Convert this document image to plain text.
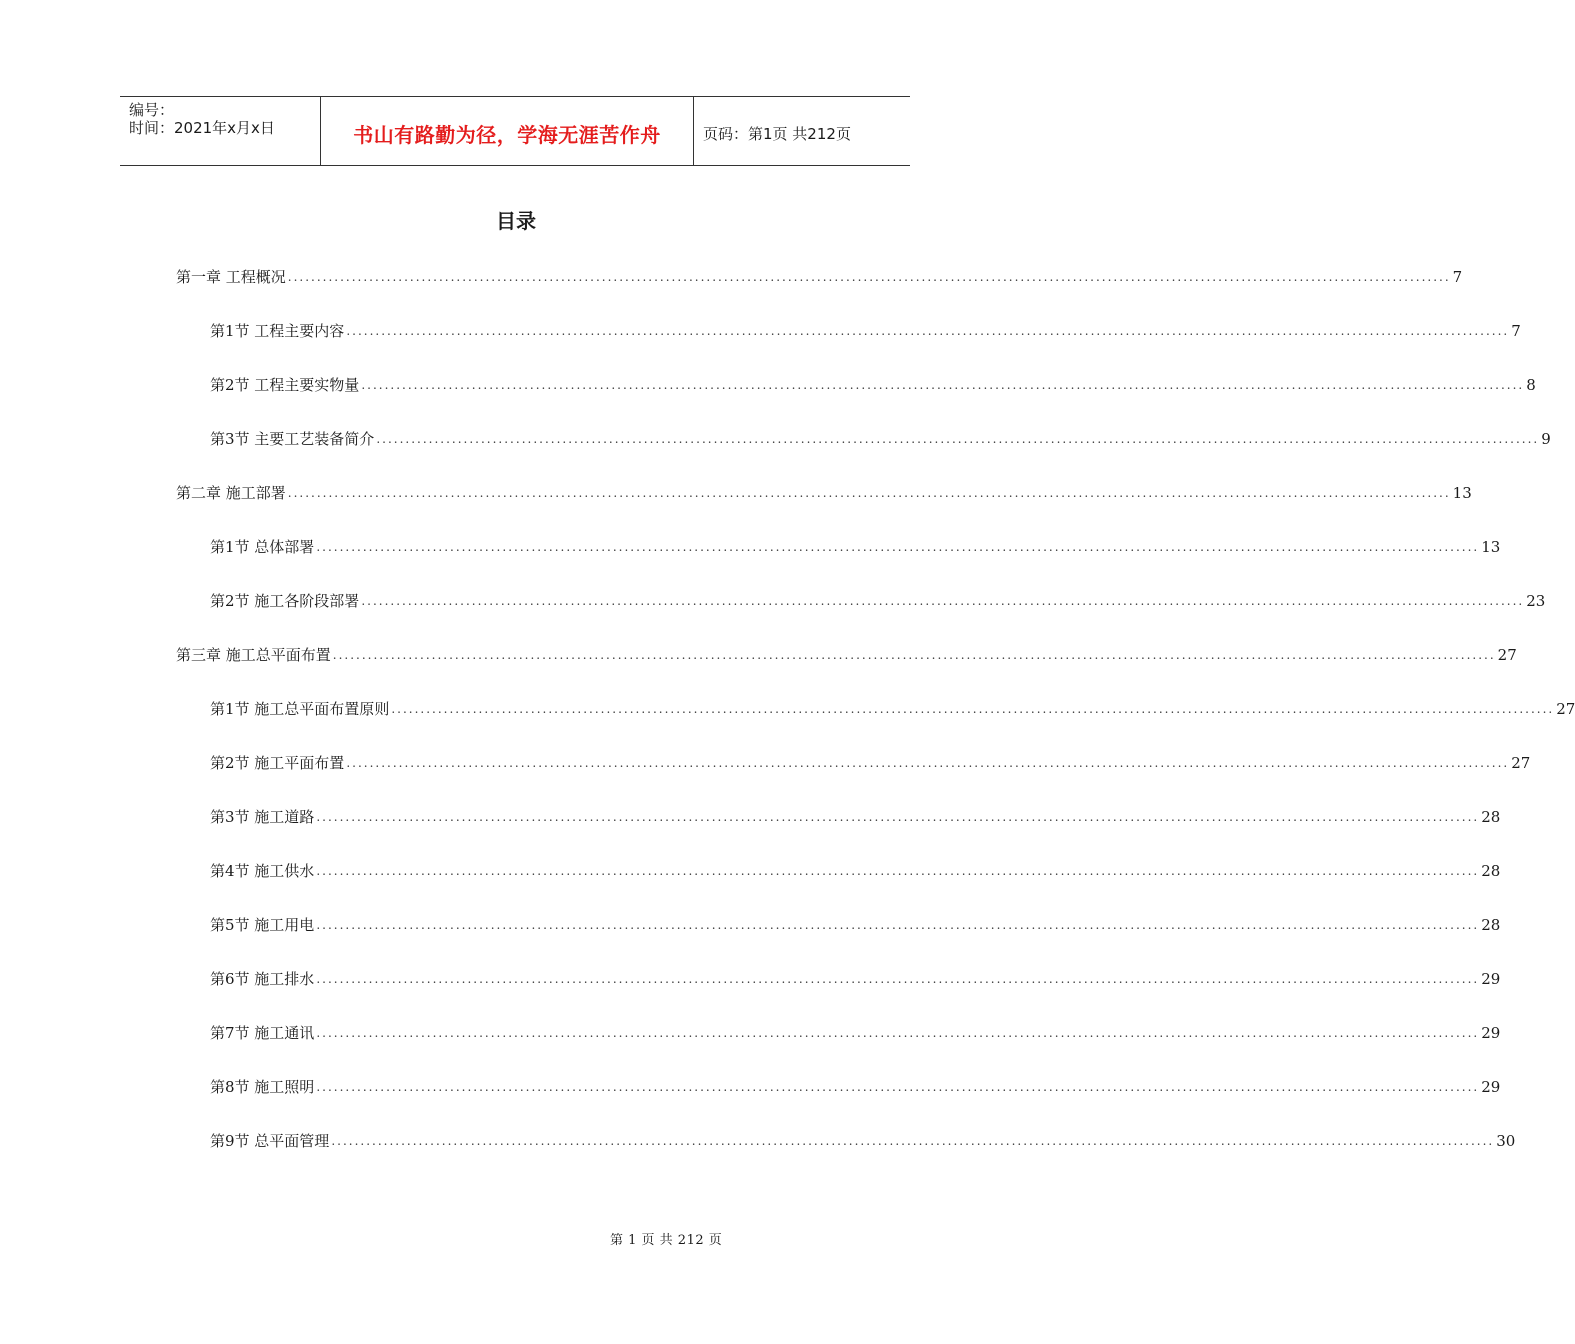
编号：
时间：2021年x月x日	书山有路勤为径，学海无涯苦作舟	页码：第1页 共212页
目录
第一章 工程概况 ........................................................................................................................................................................................................ 7
第1节 工程主要内容 ........................................................................................................................................................................................................ 7
第2节 工程主要实物量 ........................................................................................................................................................................................................ 8
第3节 主要工艺装备简介 ........................................................................................................................................................................................................ 9
第二章 施工部署 ........................................................................................................................................................................................................ 13
第1节 总体部署 ........................................................................................................................................................................................................ 13
第2节 施工各阶段部署 ........................................................................................................................................................................................................ 23
第三章 施工总平面布置 ........................................................................................................................................................................................................ 27
第1节 施工总平面布置原则 ........................................................................................................................................................................................................ 27
第2节 施工平面布置 ........................................................................................................................................................................................................ 27
第3节 施工道路 ........................................................................................................................................................................................................ 28
第4节 施工供水 ........................................................................................................................................................................................................ 28
第5节 施工用电 ........................................................................................................................................................................................................ 28
第6节 施工排水 ........................................................................................................................................................................................................ 29
第7节 施工通讯 ........................................................................................................................................................................................................ 29
第8节 施工照明 ........................................................................................................................................................................................................ 29
第9节 总平面管理 ........................................................................................................................................................................................................ 30
第 1 页 共 212 页
